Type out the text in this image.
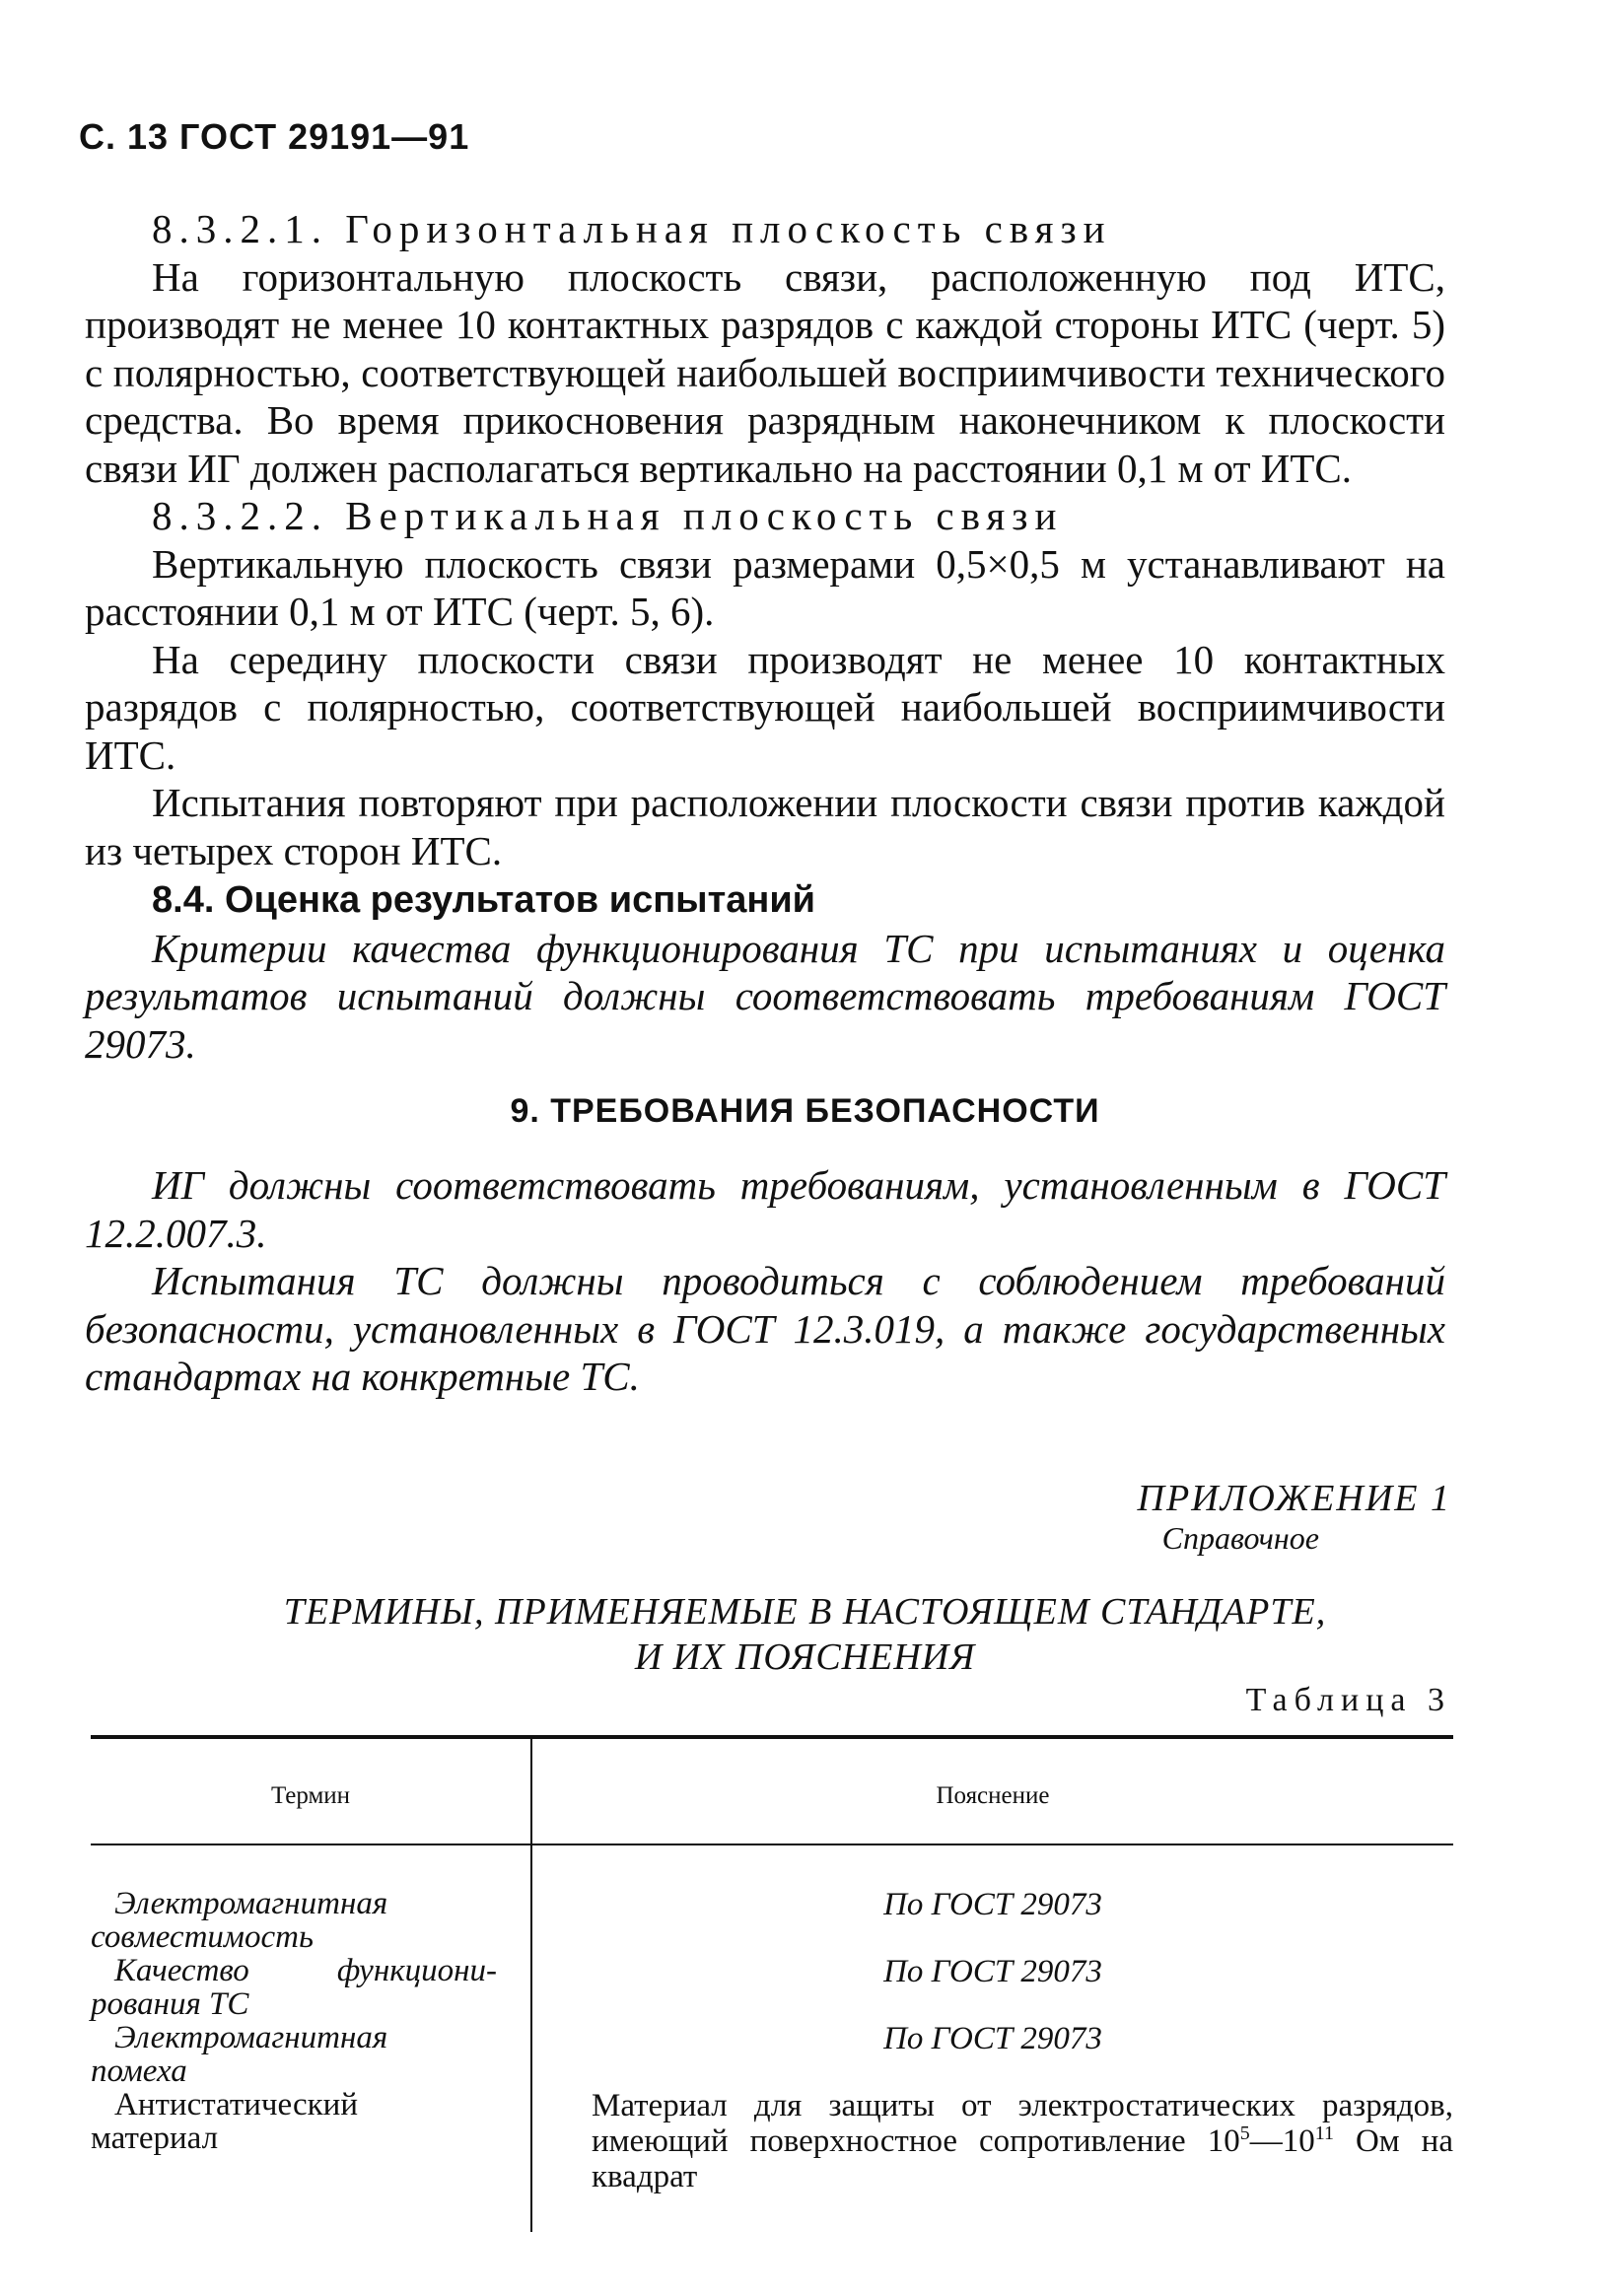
С. 13 ГОСТ 29191—91

8.3.2.1. Горизонтальная плоскость связи

На горизонтальную плоскость связи, расположенную под ИТС, производят не менее 10 контактных разрядов с каждой стороны ИТС (черт. 5) с полярностью, соответствующей наибольшей восприимчивости технического средства. Во время прикосновения разрядным наконечником к плоскости связи ИГ должен располагаться вертикально на расстоянии 0,1 м от ИТС.

8.3.2.2. Вертикальная плоскость связи

Вертикальную плоскость связи размерами 0,5×0,5 м устанавливают на расстоянии 0,1 м от ИТС (черт. 5, 6).

На середину плоскости связи производят не менее 10 контактных разрядов с полярностью, соответствующей наибольшей восприимчивости ИТС.

Испытания повторяют при расположении плоскости связи против каждой из четырех сторон ИТС.

8.4. Оценка результатов испытаний

Критерии качества функционирования ТС при испытаниях и оценка результатов испытаний должны соответствовать требованиям ГОСТ 29073.

9. ТРЕБОВАНИЯ БЕЗОПАСНОСТИ

ИГ должны соответствовать требованиям, установленным в ГОСТ 12.2.007.3.

Испытания ТС должны проводиться с соблюдением требований безопасности, установленных в ГОСТ 12.3.019, а также государственных стандартах на конкретные ТС.

ПРИЛОЖЕНИЕ 1
Справочное
ТЕРМИНЫ, ПРИМЕНЯЕМЫЕ В НАСТОЯЩЕМ СТАНДАРТЕ,
И ИХ ПОЯСНЕНИЯ
Таблица 3
Термин	Пояснение
Электромагнитная
совместимость
По ГОСТ 29073
Качество функциони-
рования ТС
По ГОСТ 29073
Электромагнитная
помеха
По ГОСТ 29073
Антистатический
материал
Материал для защиты от электростатических разрядов, имеющий поверхностное сопротивление $10^5—10^{11}$ Ом на квадрат
